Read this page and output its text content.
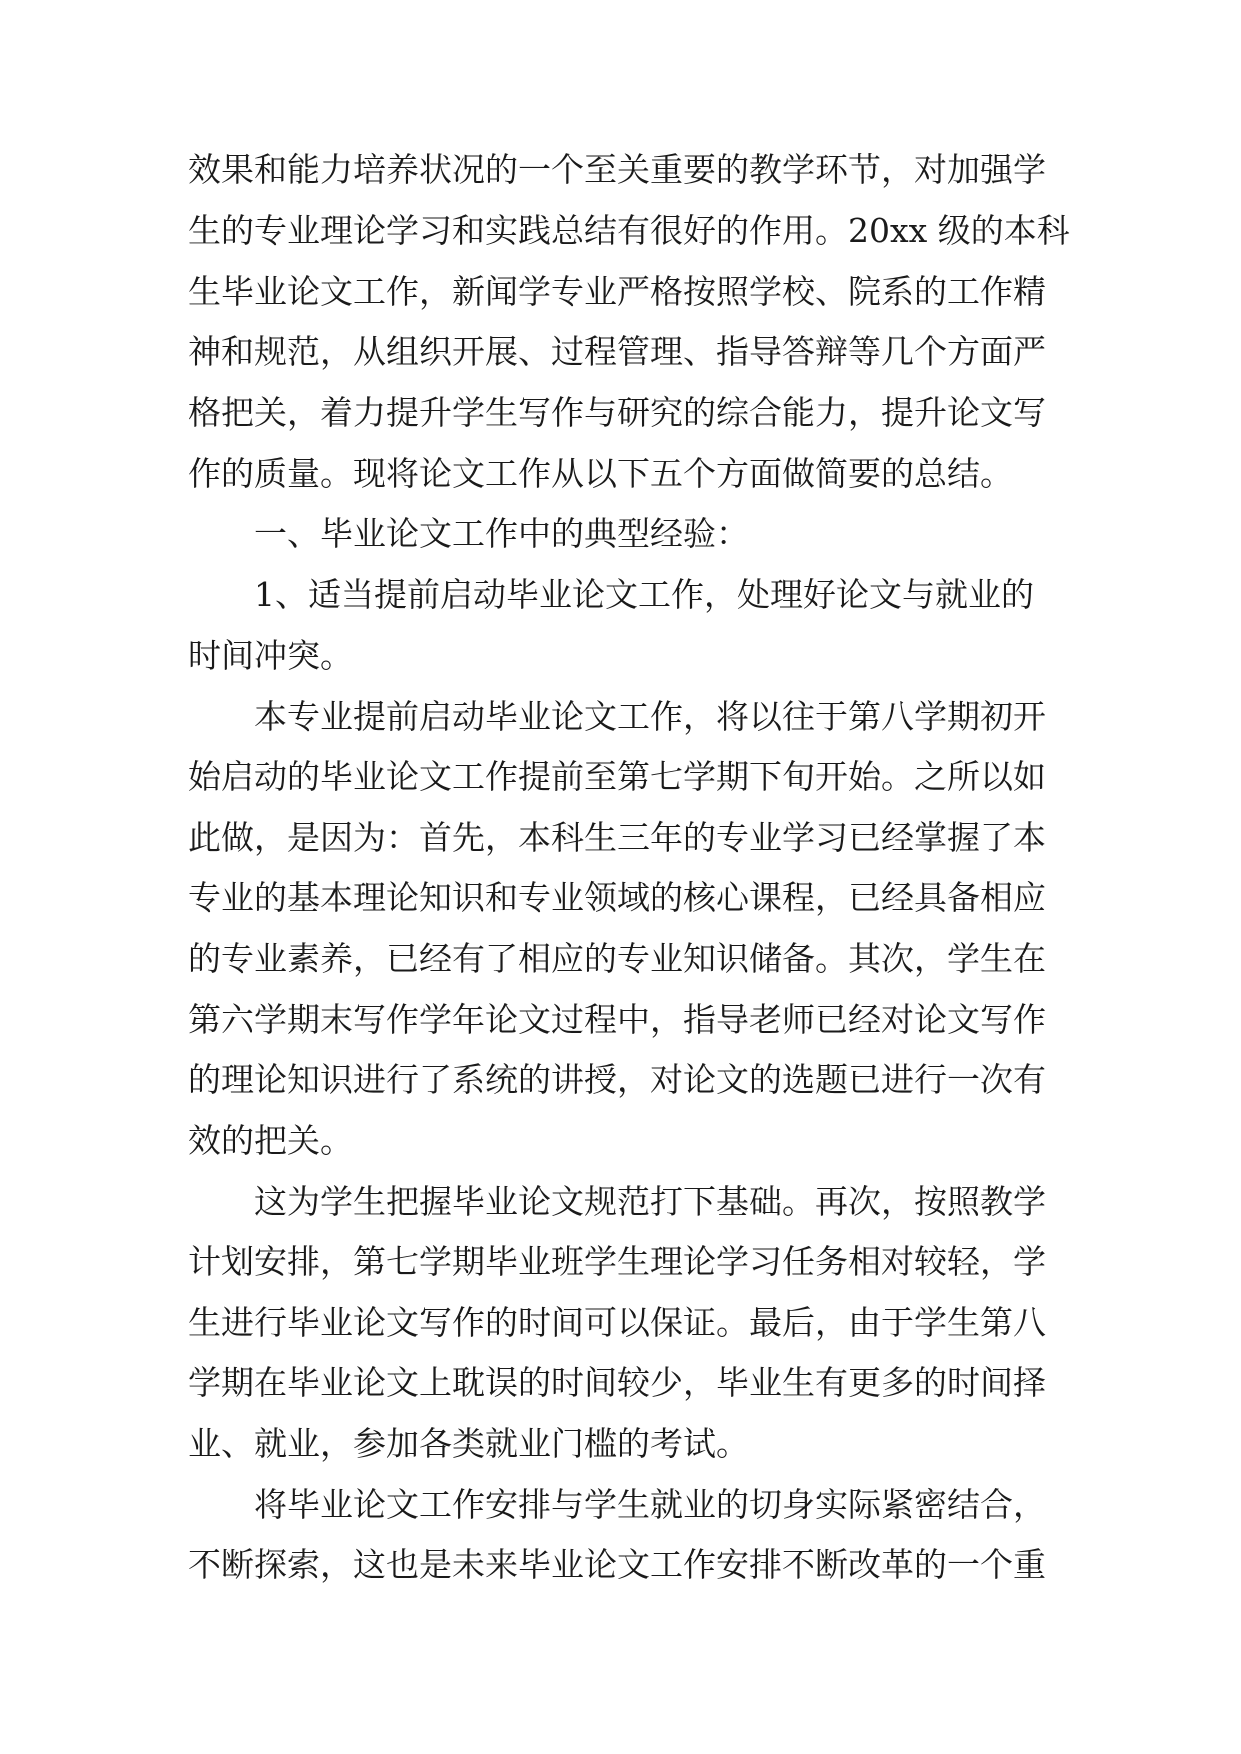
效果和能力培养状况的一个至关重要的教学环节，对加强学
生的专业理论学习和实践总结有很好的作用。20xx 级的本科
生毕业论文工作，新闻学专业严格按照学校、院系的工作精
神和规范，从组织开展、过程管理、指导答辩等几个方面严
格把关，着力提升学生写作与研究的综合能力，提升论文写
作的质量。现将论文工作从以下五个方面做简要的总结。
一、毕业论文工作中的典型经验：
1、适当提前启动毕业论文工作，处理好论文与就业的
时间冲突。
本专业提前启动毕业论文工作，将以往于第八学期初开
始启动的毕业论文工作提前至第七学期下旬开始。之所以如
此做，是因为：首先，本科生三年的专业学习已经掌握了本
专业的基本理论知识和专业领域的核心课程，已经具备相应
的专业素养，已经有了相应的专业知识储备。其次，学生在
第六学期末写作学年论文过程中，指导老师已经对论文写作
的理论知识进行了系统的讲授，对论文的选题已进行一次有
效的把关。
这为学生把握毕业论文规范打下基础。再次，按照教学
计划安排，第七学期毕业班学生理论学习任务相对较轻，学
生进行毕业论文写作的时间可以保证。最后，由于学生第八
学期在毕业论文上耽误的时间较少，毕业生有更多的时间择
业、就业，参加各类就业门槛的考试。
将毕业论文工作安排与学生就业的切身实际紧密结合，
不断探索，这也是未来毕业论文工作安排不断改革的一个重
